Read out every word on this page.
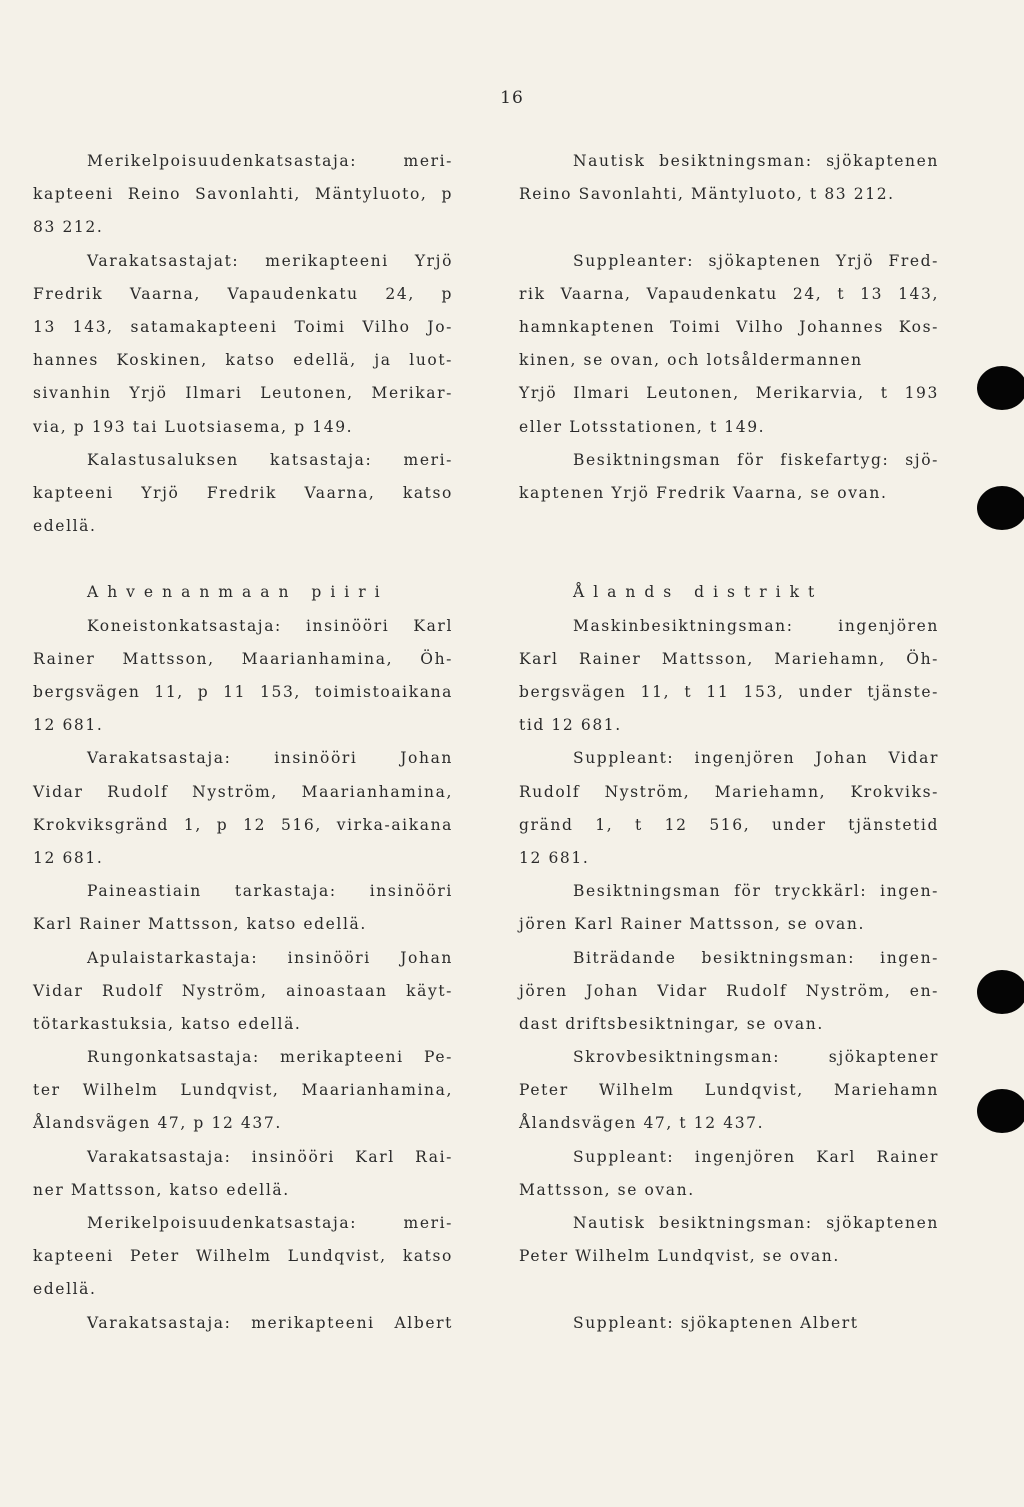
16
Merikelpoisuudenkatsastaja: meri-
kapteeni Reino Savonlahti, Mäntyluoto, p
83 212.
Varakatsastajat: merikapteeni Yrjö
Fredrik Vaarna, Vapaudenkatu 24, p
13 143, satamakapteeni Toimi Vilho Jo-
hannes Koskinen, katso edellä, ja luot-
sivanhin Yrjö Ilmari Leutonen, Merikar-
via, p 193 tai Luotsiasema, p 149.
Kalastusaluksen katsastaja: meri-
kapteeni Yrjö Fredrik Vaarna, katso
edellä.
Ahvenanmaan piiri
Koneistonkatsastaja: insinööri Karl
Rainer Mattsson, Maarianhamina, Öh-
bergsvägen 11, p 11 153, toimistoaikana
12 681.
Varakatsastaja: insinööri Johan
Vidar Rudolf Nyström, Maarianhamina,
Krokviksgränd 1, p 12 516, virka-aikana
12 681.
Paineastiain tarkastaja: insinööri
Karl Rainer Mattsson, katso edellä.
Apulaistarkastaja: insinööri Johan
Vidar Rudolf Nyström, ainoastaan käyt-
tötarkastuksia, katso edellä.
Rungonkatsastaja: merikapteeni Pe-
ter Wilhelm Lundqvist, Maarianhamina,
Ålandsvägen 47, p 12 437.
Varakatsastaja: insinööri Karl Rai-
ner Mattsson, katso edellä.
Merikelpoisuudenkatsastaja: meri-
kapteeni Peter Wilhelm Lundqvist, katso
edellä.
Varakatsastaja: merikapteeni Albert
Nautisk besiktningsman: sjökaptenen
Reino Savonlahti, Mäntyluoto, t 83 212.
Suppleanter: sjökaptenen Yrjö Fred-
rik Vaarna, Vapaudenkatu 24, t 13 143,
hamnkaptenen Toimi Vilho Johannes Kos-
kinen, se ovan, och lotsåldermannen
Yrjö Ilmari Leutonen, Merikarvia, t 193
eller Lotsstationen, t 149.
Besiktningsman för fiskefartyg: sjö-
kaptenen Yrjö Fredrik Vaarna, se ovan.
Ålands distrikt
Maskinbesiktningsman: ingenjören
Karl Rainer Mattsson, Mariehamn, Öh-
bergsvägen 11, t 11 153, under tjänste-
tid 12 681.
Suppleant: ingenjören Johan Vidar
Rudolf Nyström, Mariehamn, Krokviks-
gränd 1, t 12 516, under tjänstetid
12 681.
Besiktningsman för tryckkärl: ingen-
jören Karl Rainer Mattsson, se ovan.
Biträdande besiktningsman: ingen-
jören Johan Vidar Rudolf Nyström, en-
dast driftsbesiktningar, se ovan.
Skrovbesiktningsman: sjökaptener
Peter Wilhelm Lundqvist, Mariehamn
Ålandsvägen 47, t 12 437.
Suppleant: ingenjören Karl Rainer
Mattsson, se ovan.
Nautisk besiktningsman: sjökaptenen
Peter Wilhelm Lundqvist, se ovan.
Suppleant: sjökaptenen Albert
